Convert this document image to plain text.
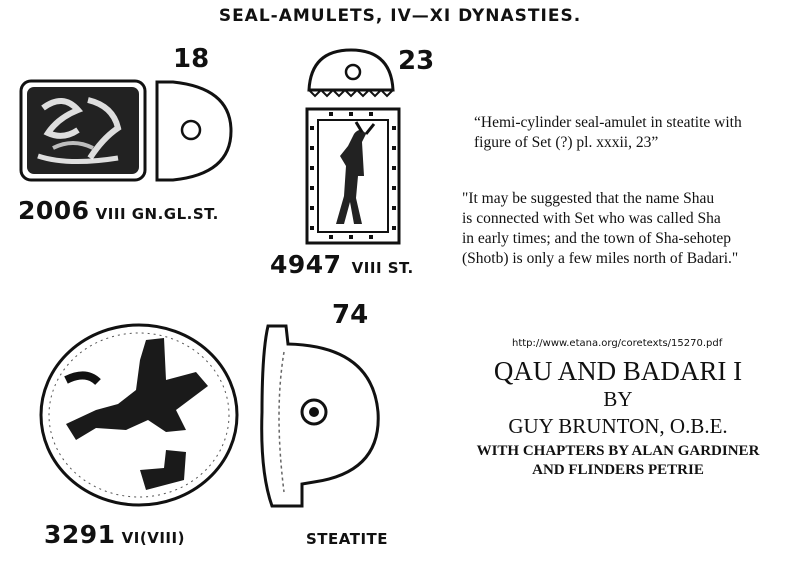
SEAL-AMULETS, IV—XI DYNASTIES.
18
2006 VIII GN.GL.ST.
23
4947 VIII ST.
74
3291 VI(VIII)	STEATITE
“Hemi-cylinder seal-amulet in steatite with
figure of Set (?) pl. xxxii, 23”
"It may be suggested that the name Shau
is connected with Set who was called Sha
in early times; and the town of Sha-sehotep
(Shotb) is only a few miles north of Badari."
http://www.etana.org/coretexts/15270.pdf
QAU AND BADARI I
BY
GUY BRUNTON, O.B.E.
WITH CHAPTERS BY ALAN GARDINER
AND FLINDERS PETRIE
